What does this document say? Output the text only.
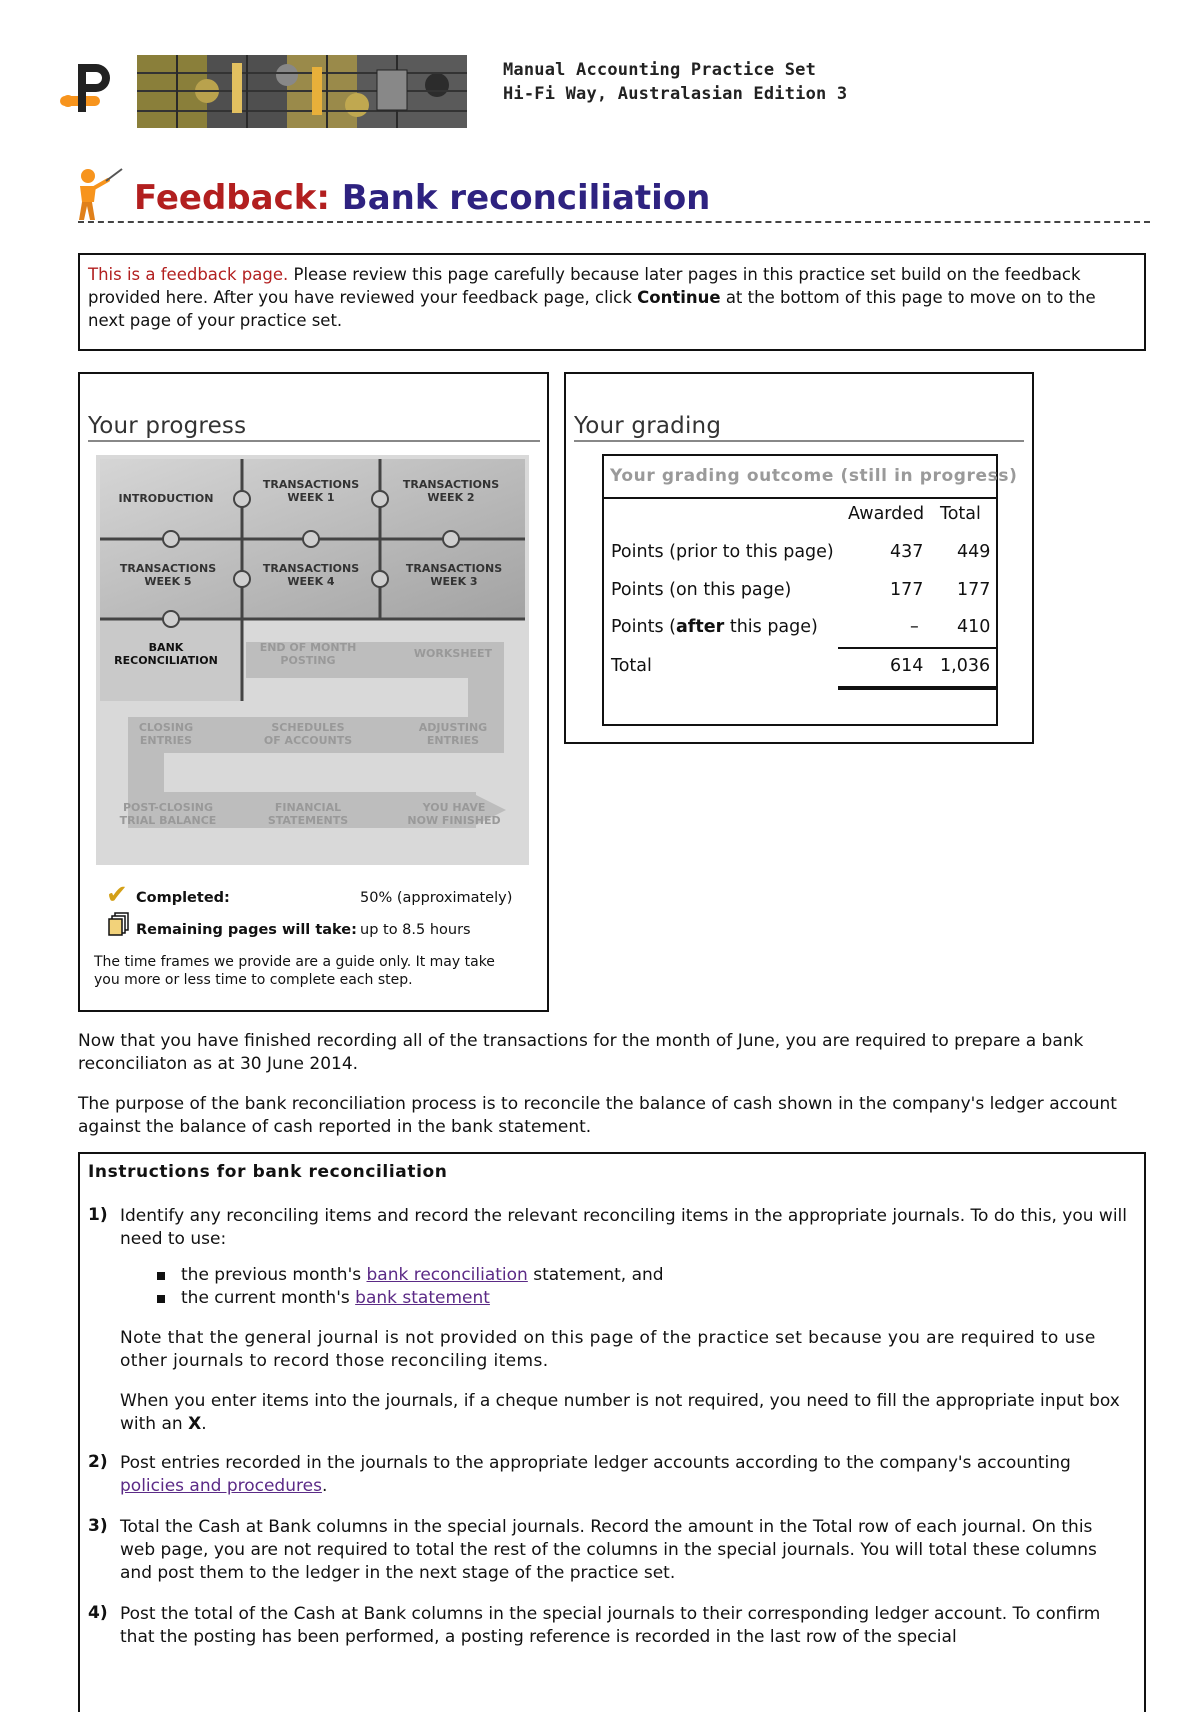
Manual Accounting Practice Set
Hi-Fi Way, Australasian Edition 3
Feedback: Bank reconciliation
This is a feedback page. Please review this page carefully because later pages in this practice set build on the feedback provided here. After you have reviewed your feedback page, click Continue at the bottom of this page to move on to the next page of your practice set.
Your progress
INTRODUCTION
TRANSACTIONS
WEEK 1
TRANSACTIONS
WEEK 2
TRANSACTIONS
WEEK 5
TRANSACTIONS
WEEK 4
TRANSACTIONS
WEEK 3
BANK
RECONCILIATION
END OF MONTH
POSTING
WORKSHEET
CLOSING
ENTRIES
SCHEDULES
OF ACCOUNTS
ADJUSTING
ENTRIES
POST-CLOSING
TRIAL BALANCE
FINANCIAL
STATEMENTS
YOU HAVE
NOW FINISHED
✔ Completed:	50% (approximately)
Remaining pages will take: up to 8.5 hours
The time frames we provide are a guide only. It may take you more or less time to complete each step.
Your grading
Your grading outcome (still in progress)
Awarded Total
Points (prior to this page)	437 449
Points (on this page)	177 177
Points (after this page)	– 410
Total	614 1,036
Now that you have finished recording all of the transactions for the month of June, you are required to prepare a bank reconciliaton as at 30 June 2014.
The purpose of the bank reconciliation process is to reconcile the balance of cash shown in the company's ledger account against the balance of cash reported in the bank statement.
Instructions for bank reconciliation
1) Identify any reconciling items and record the relevant reconciling items in the appropriate journals. To do this, you will need to use:
the previous month's bank reconciliation statement, and
the current month's bank statement
Note that the general journal is not provided on this page of the practice set because you are required to use other journals to record those reconciling items.
When you enter items into the journals, if a cheque number is not required, you need to fill the appropriate input box with an X.
2) Post entries recorded in the journals to the appropriate ledger accounts according to the company's accounting policies and procedures.
3) Total the Cash at Bank columns in the special journals. Record the amount in the Total row of each journal. On this web page, you are not required to total the rest of the columns in the special journals. You will total these columns and post them to the ledger in the next stage of the practice set.
4) Post the total of the Cash at Bank columns in the special journals to their corresponding ledger account. To confirm that the posting has been performed, a posting reference is recorded in the last row of the special
